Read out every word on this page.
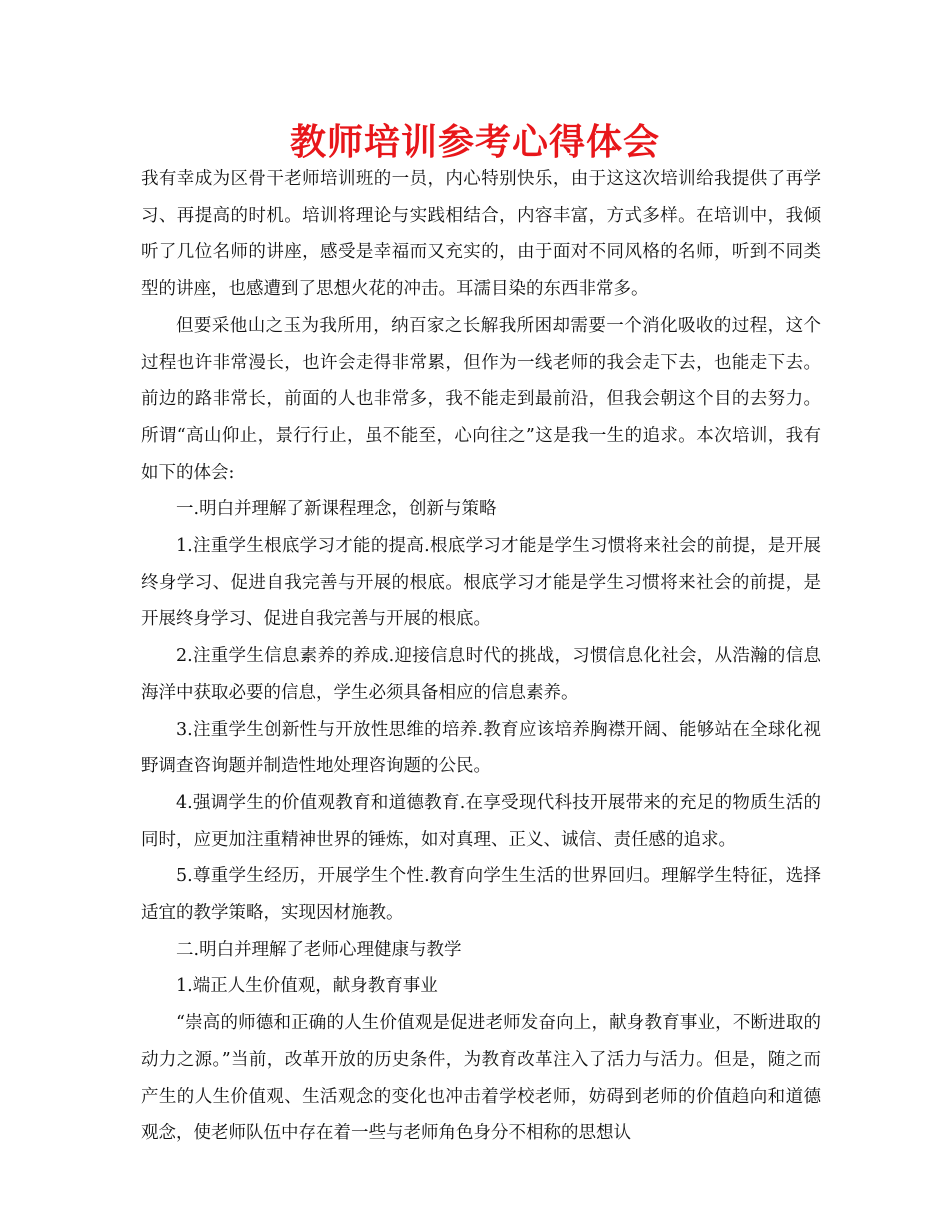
教师培训参考心得体会

我有幸成为区骨干老师培训班的一员，内心特别快乐，由于这这次培训给我提供了再学习、再提高的时机。培训将理论与实践相结合，内容丰富，方式多样。在培训中，我倾听了几位名师的讲座，感受是幸福而又充实的，由于面对不同风格的名师，听到不同类型的讲座，也感遭到了思想火花的冲击。耳濡目染的东西非常多。

但要采他山之玉为我所用，纳百家之长解我所困却需要一个消化吸收的过程，这个过程也许非常漫长，也许会走得非常累，但作为一线老师的我会走下去，也能走下去。前边的路非常长，前面的人也非常多，我不能走到最前沿，但我会朝这个目的去努力。所谓“高山仰止，景行行止，虽不能至，心向往之”这是我一生的追求。本次培训，我有如下的体会:

一.明白并理解了新课程理念，创新与策略

1.注重学生根底学习才能的提高.根底学习才能是学生习惯将来社会的前提，是开展终身学习、促进自我完善与开展的根底。根底学习才能是学生习惯将来社会的前提，是开展终身学习、促进自我完善与开展的根底。

2.注重学生信息素养的养成.迎接信息时代的挑战，习惯信息化社会，从浩瀚的信息海洋中获取必要的信息，学生必须具备相应的信息素养。

3.注重学生创新性与开放性思维的培养.教育应该培养胸襟开阔、能够站在全球化视野调查咨询题并制造性地处理咨询题的公民。

4.强调学生的价值观教育和道德教育.在享受现代科技开展带来的充足的物质生活的同时，应更加注重精神世界的锤炼，如对真理、正义、诚信、责任感的追求。

5.尊重学生经历，开展学生个性.教育向学生生活的世界回归。理解学生特征，选择适宜的教学策略，实现因材施教。

二.明白并理解了老师心理健康与教学

1.端正人生价值观，献身教育事业

“崇高的师德和正确的人生价值观是促进老师发奋向上，献身教育事业，不断进取的动力之源。”当前，改革开放的历史条件，为教育改革注入了活力与活力。但是，随之而产生的人生价值观、生活观念的变化也冲击着学校老师，妨碍到老师的价值趋向和道德观念，使老师队伍中存在着一些与老师角色身分不相称的思想认
